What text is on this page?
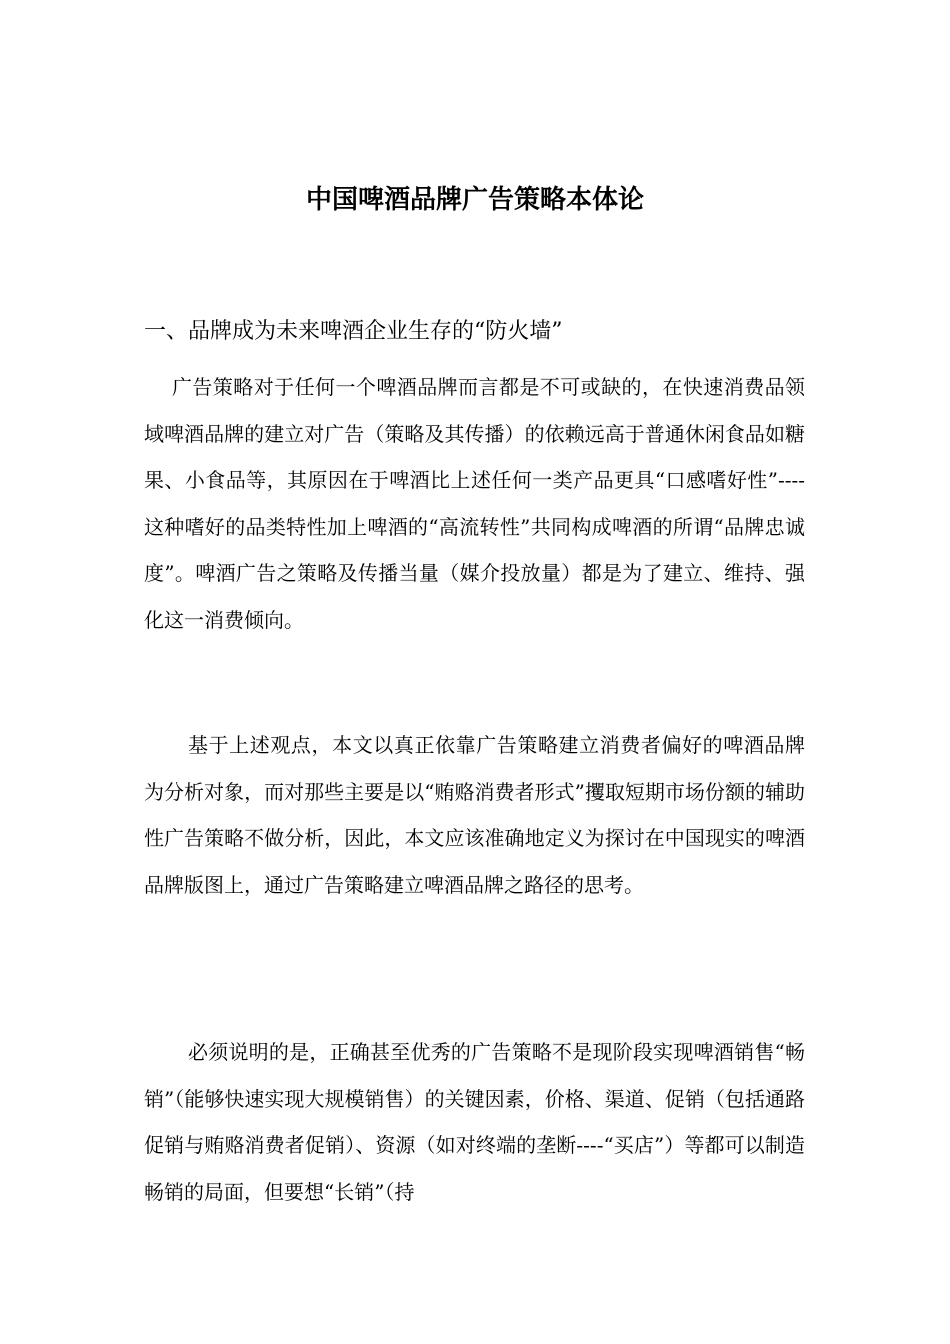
中国啤酒品牌广告策略本体论
一、品牌成为未来啤酒企业生存的“防火墙”

广告策略对于任何一个啤酒品牌而言都是不可或缺的，在快速消费品领域啤酒品牌的建立对广告（策略及其传播）的依赖远高于普通休闲食品如糖果、小食品等，其原因在于啤酒比上述任何一类产品更具“口感嗜好性”----这种嗜好的品类特性加上啤酒的“高流转性”共同构成啤酒的所谓“品牌忠诚度”。啤酒广告之策略及传播当量（媒介投放量）都是为了建立、维持、强化这一消费倾向。

基于上述观点，本文以真正依靠广告策略建立消费者偏好的啤酒品牌为分析对象，而对那些主要是以“贿赂消费者形式”攫取短期市场份额的辅助性广告策略不做分析，因此，本文应该准确地定义为探讨在中国现实的啤酒品牌版图上，通过广告策略建立啤酒品牌之路径的思考。

必须说明的是，正确甚至优秀的广告策略不是现阶段实现啤酒销售“畅销”（能够快速实现大规模销售）的关键因素，价格、渠道、促销（包括通路促销与贿赂消费者促销）、资源（如对终端的垄断----“买店”）等都可以制造畅销的局面，但要想“长销”（持
